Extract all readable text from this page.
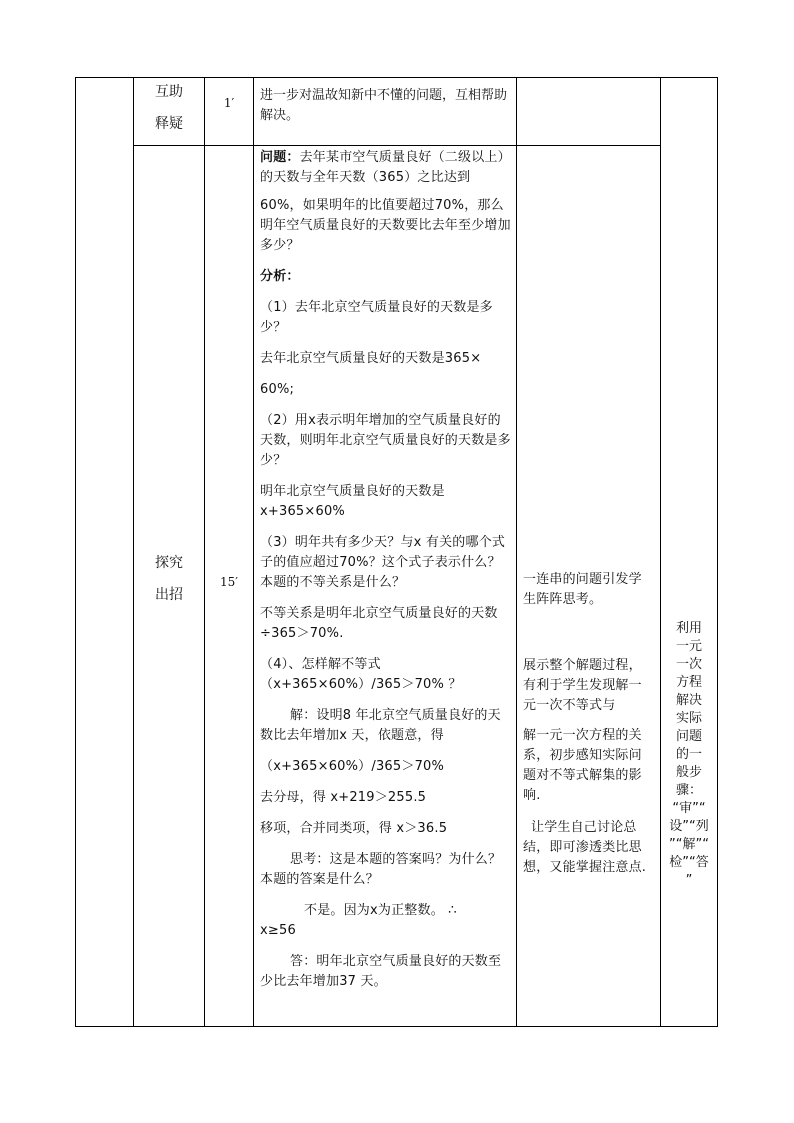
互助
释疑
1′	进一步对温故知新中不懂的问题，互相帮助解决。
探究
出招
15′

问题：去年某市空气质量良好（二级以上）的天数与全年天数（365）之比达到

60%，如果明年的比值要超过70%，那么明年空气质量良好的天数要比去年至少增加多少？

分析：

（1）去年北京空气质量良好的天数是多少？

去年北京空气质量良好的天数是365×

60%;

（2）用x表示明年增加的空气质量良好的天数，则明年北京空气质量良好的天数是多少？

明年北京空气质量良好的天数是x+365×60%

（3）明年共有多少天？与x 有关的哪个式子的值应超过70%？这个式子表示什么？本题的不等关系是什么？

不等关系是明年北京空气质量良好的天数÷365＞70%.

（4）、怎样解不等式（x+365×60%）/365＞70% ？

解：设明8 年北京空气质量良好的天数比去年增加x 天，依题意，得

（x+365×60%）/365＞70%

去分母，得 x+219＞255.5

移项，合并同类项，得 x＞36.5

思考：这是本题的答案吗？为什么？本题的答案是什么？

不是。因为x为正整数。 ∴

x≥56

答：明年北京空气质量良好的天数至少比去年增加37 天。

一连串的问题引发学生阵阵思考。

展示整个解题过程，有利于学生发现解一元一次不等式与

解一元一次方程的关系，初步感知实际问题对不等式解集的影响.

让学生自己讨论总结，即可渗透类比思想，又能掌握注意点.

利用
一元
一次
方程
解决
实际
问题
的一
般步
骤：
“审”“
设”“列
”“解”“
检”“答
”
